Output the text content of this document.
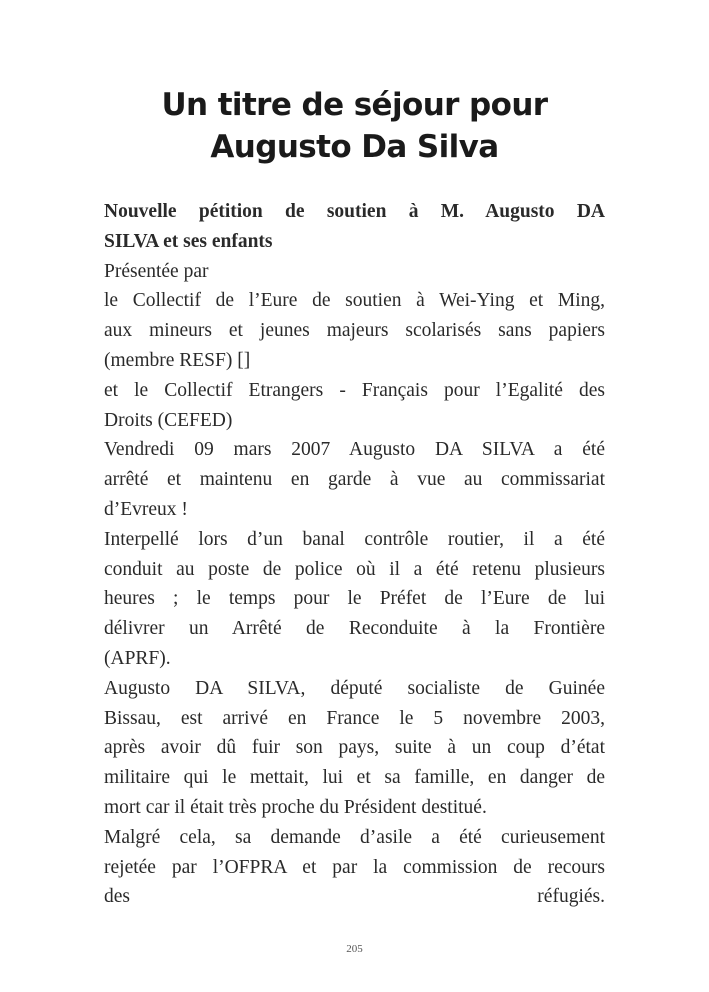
Un titre de séjour pour
Augusto Da Silva
Nouvelle pétition de soutien à M. Augusto DA
SILVA et ses enfants
Présentée par
le Collectif de l’Eure de soutien à Wei-Ying et Ming,
aux mineurs et jeunes majeurs scolarisés sans papiers
(membre RESF) []
et le Collectif Etrangers - Français pour l’Egalité des
Droits (CEFED)
Vendredi 09 mars 2007 Augusto DA SILVA a été
arrêté et maintenu en garde à vue au commissariat
d’Evreux !
Interpellé lors d’un banal contrôle routier, il a été
conduit au poste de police où il a été retenu plusieurs
heures ; le temps pour le Préfet de l’Eure de lui
délivrer un Arrêté de Reconduite à la Frontière
(APRF).
Augusto DA SILVA, député socialiste de Guinée
Bissau, est arrivé en France le 5 novembre 2003,
après avoir dû fuir son pays, suite à un coup d’état
militaire qui le mettait, lui et sa famille, en danger de
mort car il était très proche du Président destitué.
Malgré cela, sa demande d’asile a été curieusement
rejetée par l’OFPRA et par la commission de recours
des réfugiés.
205
